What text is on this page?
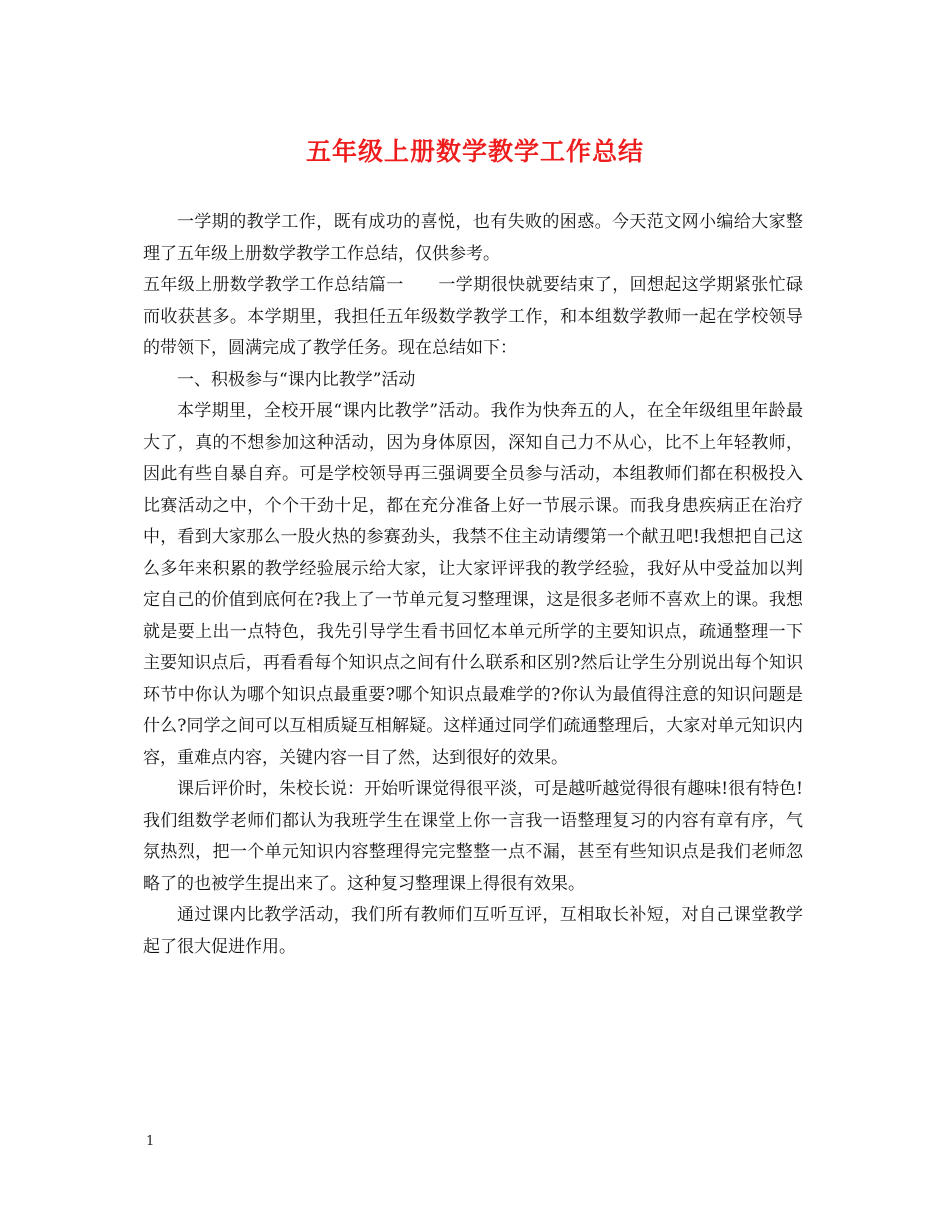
五年级上册数学教学工作总结

一学期的教学工作，既有成功的喜悦，也有失败的困惑。今天范文网小编给大家整理了五年级上册数学教学工作总结，仅供参考。

五年级上册数学教学工作总结篇一　　一学期很快就要结束了，回想起这学期紧张忙碌而收获甚多。本学期里，我担任五年级数学教学工作，和本组数学教师一起在学校领导的带领下，圆满完成了教学任务。现在总结如下：

一、积极参与“课内比教学”活动

本学期里，全校开展“课内比教学”活动。我作为快奔五的人，在全年级组里年龄最大了，真的不想参加这种活动，因为身体原因，深知自己力不从心，比不上年轻教师，因此有些自暴自弃。可是学校领导再三强调要全员参与活动，本组教师们都在积极投入比赛活动之中，个个干劲十足，都在充分准备上好一节展示课。而我身患疾病正在治疗中，看到大家那么一股火热的参赛劲头，我禁不住主动请缨第一个献丑吧!我想把自己这么多年来积累的教学经验展示给大家，让大家评评我的教学经验，我好从中受益加以判定自己的价值到底何在?我上了一节单元复习整理课，这是很多老师不喜欢上的课。我想就是要上出一点特色，我先引导学生看书回忆本单元所学的主要知识点，疏通整理一下主要知识点后，再看看每个知识点之间有什么联系和区别?然后让学生分别说出每个知识环节中你认为哪个知识点最重要?哪个知识点最难学的?你认为最值得注意的知识问题是什么?同学之间可以互相质疑互相解疑。这样通过同学们疏通整理后，大家对单元知识内容，重难点内容，关键内容一目了然，达到很好的效果。

课后评价时，朱校长说：开始听课觉得很平淡，可是越听越觉得很有趣味!很有特色!我们组数学老师们都认为我班学生在课堂上你一言我一语整理复习的内容有章有序，气氛热烈，把一个单元知识内容整理得完完整整一点不漏，甚至有些知识点是我们老师忽略了的也被学生提出来了。这种复习整理课上得很有效果。

通过课内比教学活动，我们所有教师们互听互评，互相取长补短，对自己课堂教学起了很大促进作用。

1
